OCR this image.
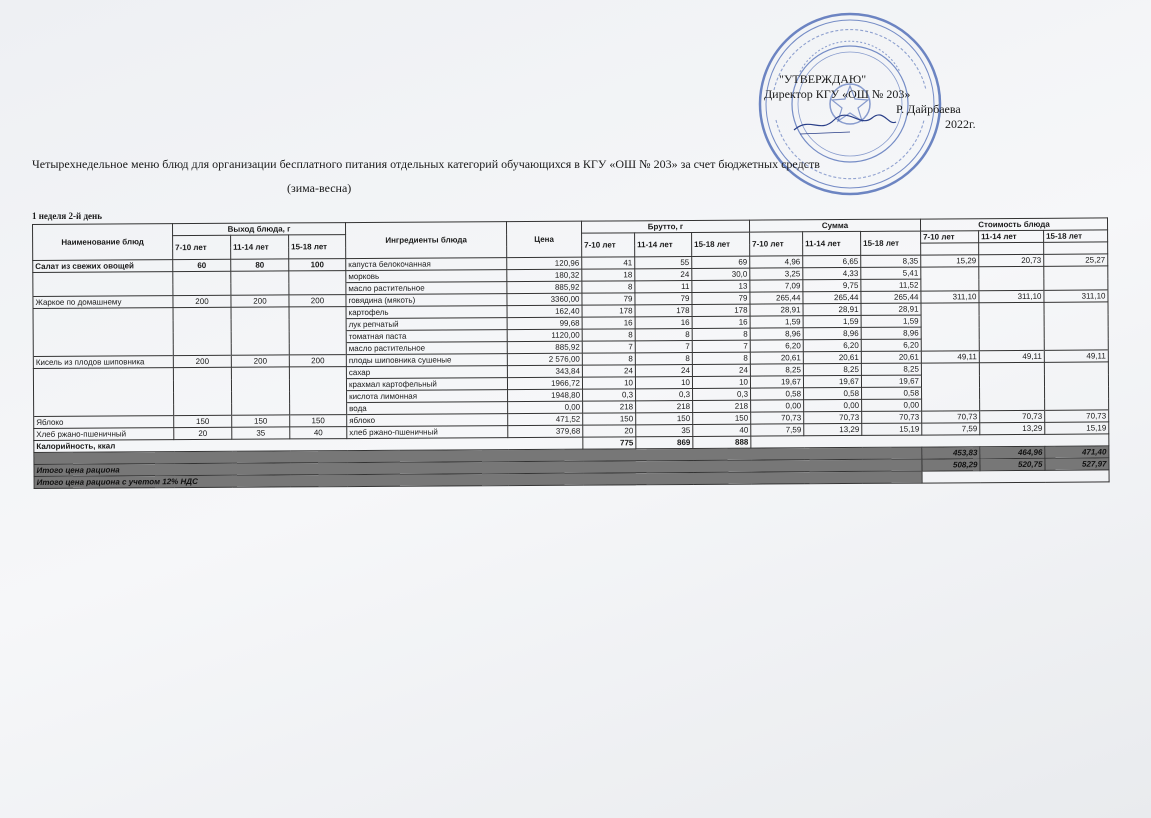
"УТВЕРЖДАЮ"
Директор КГУ «ОШ № 203»
Р. Дайрбаева
2022г.
Четырехнедельное меню блюд для организации бесплатного питания отдельных категорий обучающихся в КГУ «ОШ № 203» за счет бюджетных средств
(зима-весна)
1 неделя 2-й день
Наименование блюд	Выход блюда, г			Ингредиенты блюда	Цена	Брутто, г			Сумма			Стоимость блюда		
	7-10 лет	11-14 лет	15-18 лет			7-10 лет	11-14 лет	15-18 лет	7-10 лет	11-14 лет	15-18 лет	7-10 лет	11-14 лет	15-18 лет

Салат из свежих овощей	60	80	100	капуста белокочанная	120,96	41	55	69	4,96	6,65	8,35	15,29	20,73	25,27
				морковь	180,32	18	24	30,0	3,25	4,33	5,41			
				масло растительное	885,92	8	11	13	7,09	9,75	11,52			
Жаркое по домашнему	200	200	200	говядина (мякоть)	3360,00	79	79	79	265,44	265,44	265,44	311,10	311,10	311,10
				картофель	162,40	178	178	178	28,91	28,91	28,91			
				лук репчатый	99,68	16	16	16	1,59	1,59	1,59			
				томатная паста	1120,00	8	8	8	8,96	8,96	8,96			
				масло растительное	885,92	7	7	7	6,20	6,20	6,20			
Кисель из плодов шиповника	200	200	200	плоды шиповника сушеные	2 576,00	8	8	8	20,61	20,61	20,61	49,11	49,11	49,11
				сахар	343,84	24	24	24	8,25	8,25	8,25			
				крахмал картофельный	1966,72	10	10	10	19,67	19,67	19,67			
				кислота лимонная	1948,80	0,3	0,3	0,3	0,58	0,58	0,58			
				вода	0,00	218	218	218	0,00	0,00	0,00			
Яблоко	150	150	150	яблоко	471,52	150	150	150	70,73	70,73	70,73	70,73	70,73	70,73
Хлеб ржано-пшеничный	20	35	40	хлеб ржано-пшеничный	379,68	20	35	40	7,59	13,29	15,19	7,59	13,29	15,19
Калорийность, ккал						775	869	888						
												453,83	464,96	471,40
Итого цена рациона												508,29	520,75	527,97
Итого цена рациона с учетом 12% НДС														
